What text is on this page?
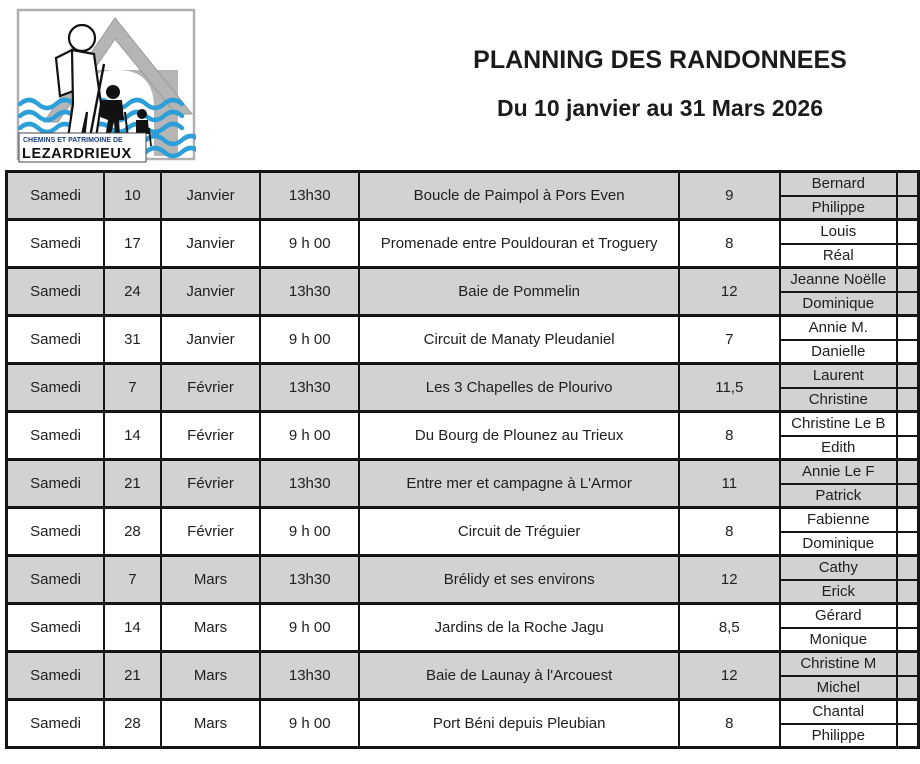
CHEMINS ET PATRIMOINE DE
LEZARDRIEUX
PLANNING DES RANDONNEES
Du 10 janvier au 31 Mars 2026
Samedi	10	Janvier	13h30	Boucle de Paimpol à Pors Even	9	Bernard	
						Philippe	
Samedi	17	Janvier	9 h 00	Promenade entre Pouldouran et Troguery	8	Louis	
						Réal	
Samedi	24	Janvier	13h30	Baie de Pommelin	12	Jeanne Noëlle	
						Dominique	
Samedi	31	Janvier	9 h 00	Circuit de Manaty Pleudaniel	7	Annie M.	
						Danielle	
Samedi	7	Février	13h30	Les 3 Chapelles de Plourivo	11,5	Laurent	
						Christine	
Samedi	14	Février	9 h 00	Du Bourg de Plounez au Trieux	8	Christine Le B	
						Edith	
Samedi	21	Février	13h30	Entre mer et campagne à L'Armor	11	Annie Le F	
						Patrick	
Samedi	28	Février	9 h 00	Circuit de Tréguier	8	Fabienne	
						Dominique	
Samedi	7	Mars	13h30	Brélidy et ses environs	12	Cathy	
						Erick	
Samedi	14	Mars	9 h 00	Jardins de la Roche Jagu	8,5	Gérard	
						Monique	
Samedi	21	Mars	13h30	Baie de Launay à l'Arcouest	12	Christine M	
						Michel	
Samedi	28	Mars	9 h 00	Port Béni depuis Pleubian	8	Chantal	
						Philippe	
